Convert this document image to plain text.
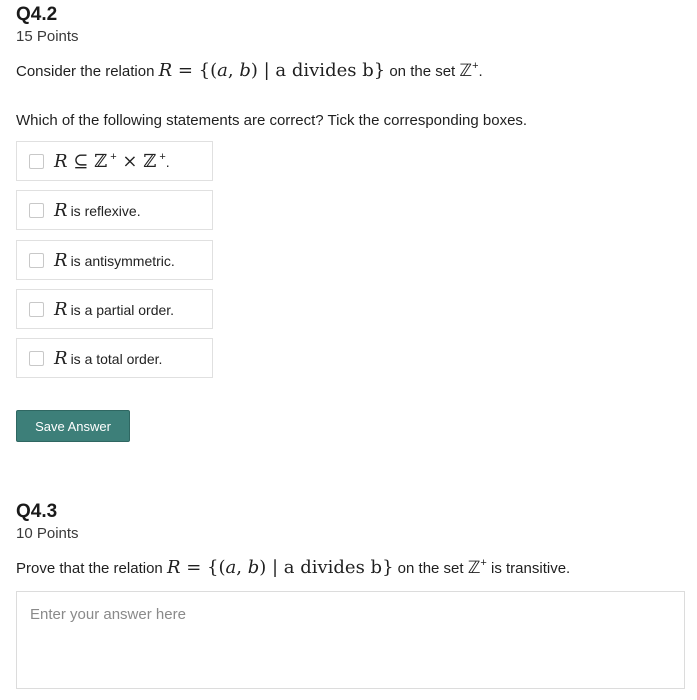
Q4.2
15 Points
Consider the relation R = {(a, b) | a divides b} on the set ℤ+.
Which of the following statements are correct? Tick the corresponding boxes.
R ⊆ ℤ + × ℤ +.
R is reflexive.
R is antisymmetric.
R is a partial order.
R is a total order.
Save Answer
Q4.3
10 Points
Prove that the relation R = {(a, b) | a divides b} on the set ℤ+ is transitive.
Enter your answer here
